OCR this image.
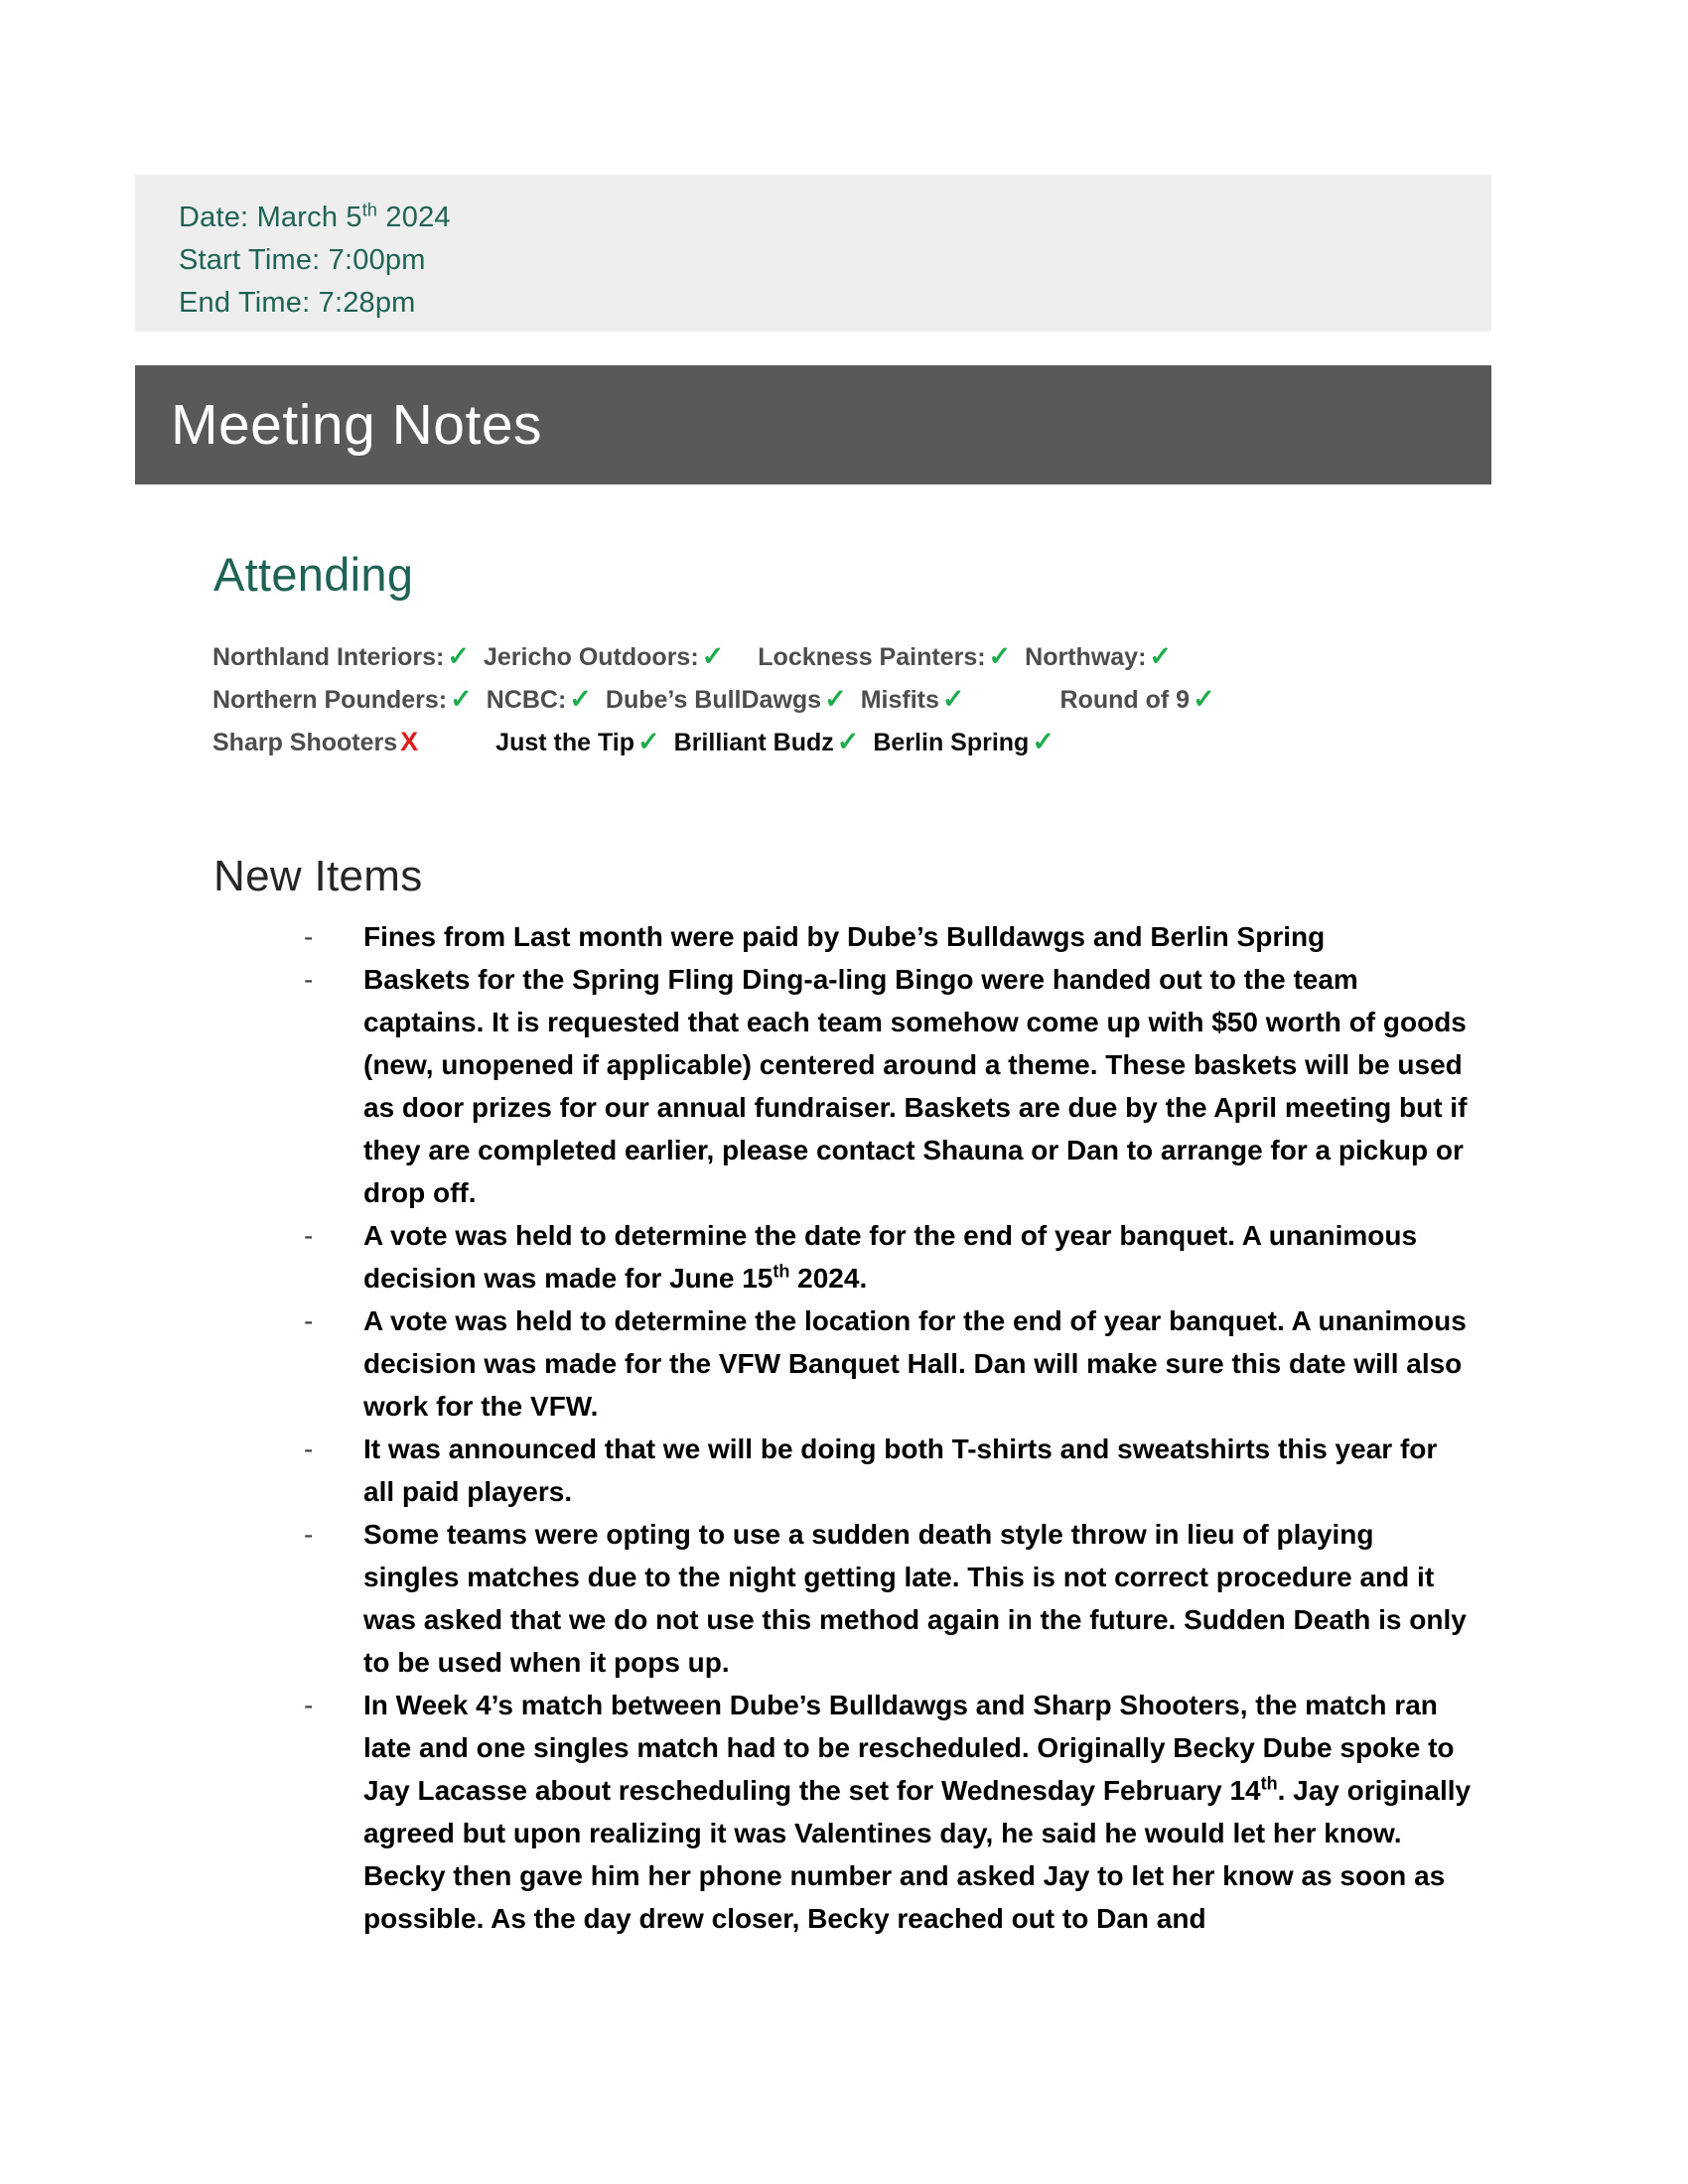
Date: March 5th 2024
Start Time: 7:00pm
End Time: 7:28pm
Meeting Notes
Attending
Northland Interiors: ✓ Jericho Outdoors: ✓ Lockness Painters: ✓ Northway: ✓
Northern Pounders: ✓ NCBC: ✓ Dube’s BullDawgs ✓ Misfits ✓	Round of 9 ✓
Sharp Shooters X	Just the Tip ✓ Brilliant Budz ✓ Berlin Spring ✓
New Items
- Fines from Last month were paid by Dube’s Bulldawgs and Berlin Spring
- Baskets for the Spring Fling Ding-a-ling Bingo were handed out to the team captains. It is requested that each team somehow come up with $50 worth of goods (new, unopened if applicable) centered around a theme. These baskets will be used as door prizes for our annual fundraiser. Baskets are due by the April meeting but if they are completed earlier, please contact Shauna or Dan to arrange for a pickup or drop off.
- A vote was held to determine the date for the end of year banquet. A unanimous decision was made for June 15th 2024.
- A vote was held to determine the location for the end of year banquet. A unanimous decision was made for the VFW Banquet Hall. Dan will make sure this date will also work for the VFW.
- It was announced that we will be doing both T-shirts and sweatshirts this year for all paid players.
- Some teams were opting to use a sudden death style throw in lieu of playing singles matches due to the night getting late. This is not correct procedure and it was asked that we do not use this method again in the future. Sudden Death is only to be used when it pops up.
- In Week 4’s match between Dube’s Bulldawgs and Sharp Shooters, the match ran late and one singles match had to be rescheduled. Originally Becky Dube spoke to Jay Lacasse about rescheduling the set for Wednesday February 14th. Jay originally agreed but upon realizing it was Valentines day, he said he would let her know. Becky then gave him her phone number and asked Jay to let her know as soon as possible. As the day drew closer, Becky reached out to Dan and
